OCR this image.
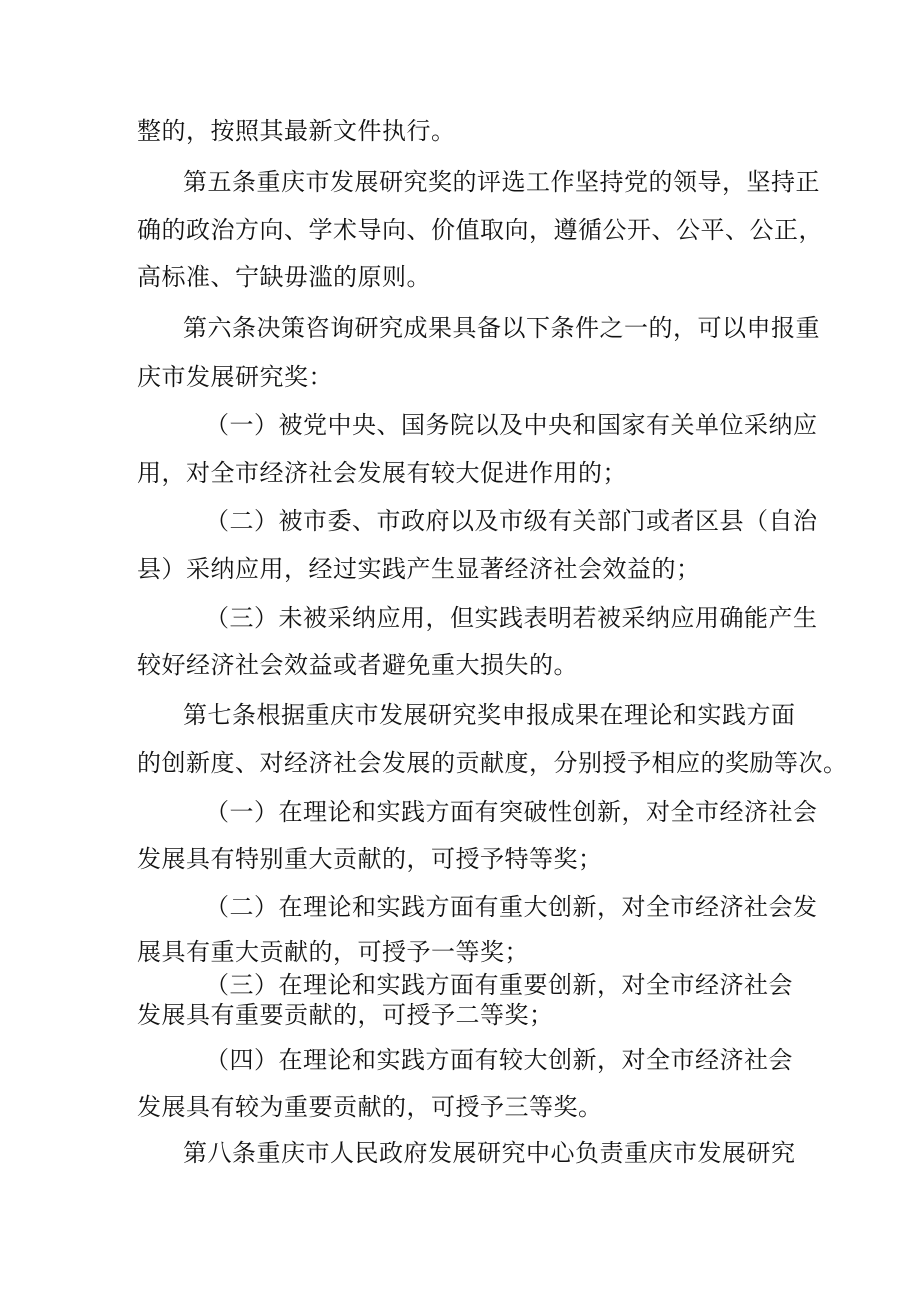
整的，按照其最新文件执行。
第五条重庆市发展研究奖的评选工作坚持党的领导，坚持正
确的政治方向、学术导向、价值取向，遵循公开、公平、公正，
高标准、宁缺毋滥的原则。
第六条决策咨询研究成果具备以下条件之一的，可以申报重
庆市发展研究奖：
（一）被党中央、国务院以及中央和国家有关单位采纳应
用，对全市经济社会发展有较大促进作用的；
（二）被市委、市政府以及市级有关部门或者区县（自治
县）采纳应用，经过实践产生显著经济社会效益的；
（三）未被采纳应用，但实践表明若被采纳应用确能产生
较好经济社会效益或者避免重大损失的。
第七条根据重庆市发展研究奖申报成果在理论和实践方面
的创新度、对经济社会发展的贡献度，分别授予相应的奖励等次。
（一）在理论和实践方面有突破性创新，对全市经济社会
发展具有特别重大贡献的，可授予特等奖；
（二）在理论和实践方面有重大创新，对全市经济社会发
展具有重大贡献的，可授予一等奖；
（三）在理论和实践方面有重要创新，对全市经济社会
发展具有重要贡献的，可授予二等奖；
（四）在理论和实践方面有较大创新，对全市经济社会
发展具有较为重要贡献的，可授予三等奖。
第八条重庆市人民政府发展研究中心负责重庆市发展研究
